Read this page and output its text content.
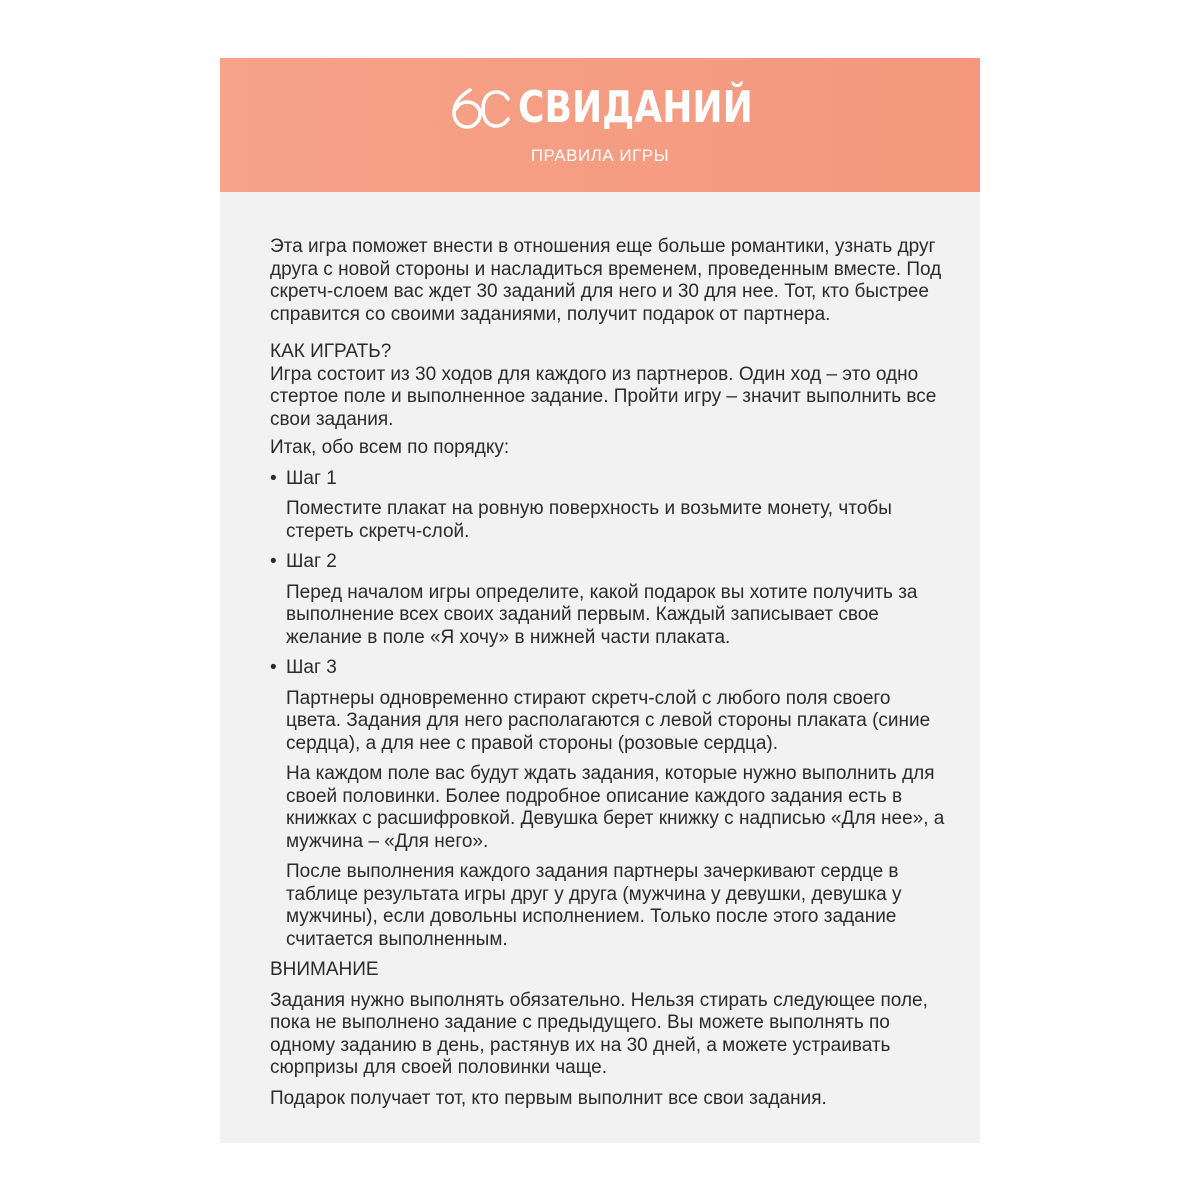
СВИДАНИЙ
ПРАВИЛА ИГРЫ

Эта игра поможет внести в отношения еще больше романтики, узнать друг друга с новой стороны и насладиться временем, проведенным вместе. Под скретч-слоем вас ждет 30 заданий для него и 30 для нее. Тот, кто быстрее справится со своими заданиями, получит подарок от партнера.

КАК ИГРАТЬ?

Игра состоит из 30 ходов для каждого из партнеров. Один ход – это одно стертое поле и выполненное задание. Пройти игру – значит выполнить все свои задания.

Итак, обо всем по порядку:

• Шаг 1

Поместите плакат на ровную поверхность и возьмите монету, чтобы стереть скретч-слой.

• Шаг 2

Перед началом игры определите, какой подарок вы хотите получить за выполнение всех своих заданий первым. Каждый записывает свое желание в поле «Я хочу» в нижней части плаката.

• Шаг 3

Партнеры одновременно стирают скретч-слой с любого поля своего цвета. Задания для него располагаются с левой стороны плаката (синие сердца), а для нее с правой стороны (розовые сердца).

На каждом поле вас будут ждать задания, которые нужно выполнить для своей половинки. Более подробное описание каждого задания есть в книжках с расшифровкой. Девушка берет книжку с надписью «Для нее», а мужчина – «Для него».

После выполнения каждого задания партнеры зачеркивают сердце в таблице результата игры друг у друга (мужчина у девушки, девушка у мужчины), если довольны исполнением. Только после этого задание считается выполненным.

ВНИМАНИЕ

Задания нужно выполнять обязательно. Нельзя стирать следующее поле, пока не выполнено задание с предыдущего. Вы можете выполнять по одному заданию в день, растянув их на 30 дней, а можете устраивать сюрпризы для своей половинки чаще.

Подарок получает тот, кто первым выполнит все свои задания.
